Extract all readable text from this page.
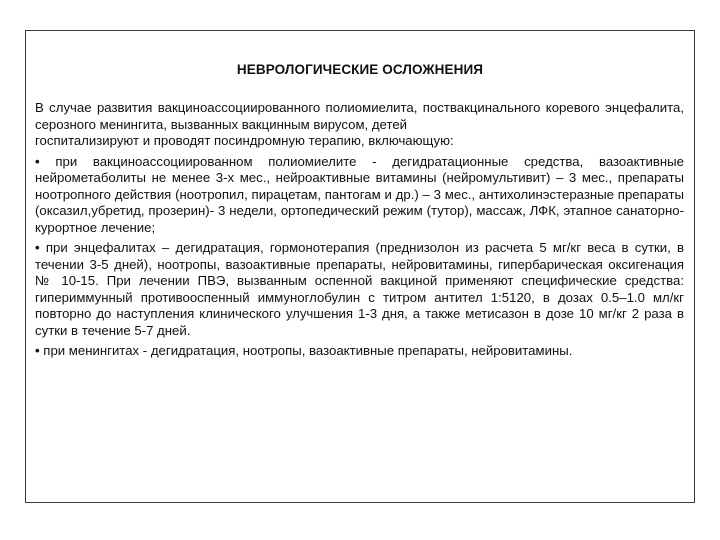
НЕВРОЛОГИЧЕСКИЕ ОСЛОЖНЕНИЯ

В случае развития вакциноассоциированного полиомиелита, поствакцинального коревого энцефалита, серозного менингита, вызванных вакцинным вирусом, детей

госпитализируют и проводят посиндромную терапию, включающую:

• при вакциноассоциированном полиомиелите - дегидратационные средства, вазоактивные нейрометаболиты не менее 3-х мес., нейроактивные витамины (нейромультивит) – 3 мес., препараты ноотропного действия (ноотропил, пирацетам, пантогам и др.) – 3 мес., антихолинэстеразные препараты (оксазил,убретид, прозерин)- 3 недели, ортопедический режим (тутор), массаж, ЛФК, этапное санаторно-курортное лечение;

• при энцефалитах – дегидратация, гормонотерапия (преднизолон из расчета 5 мг/кг веса в сутки, в течении 3-5 дней), ноотропы, вазоактивные препараты, нейровитамины, гипербарическая оксигенация № 10-15. При лечении ПВЭ, вызванным оспенной вакциной применяют специфические средства: гипериммунный противооспенный иммуноглобулин с титром антител 1:5120, в дозах 0.5–1.0 мл/кг повторно до наступления клинического улучшения 1-3 дня, а также метисазон в дозе 10 мг/кг 2 раза в сутки в течение 5-7 дней.

• при менингитах - дегидратация, ноотропы, вазоактивные препараты, нейровитамины.
